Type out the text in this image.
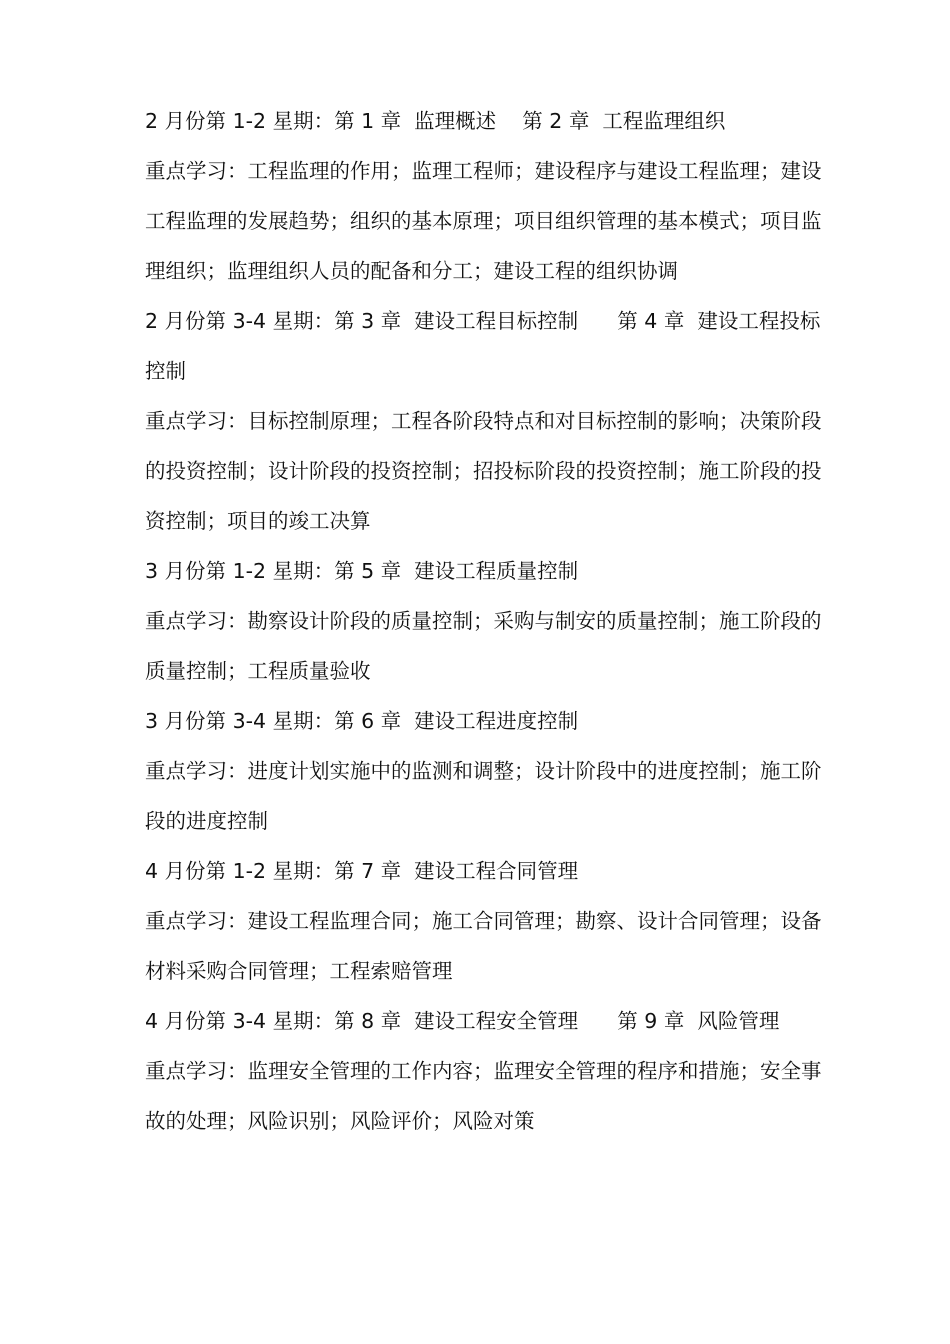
2 月份第 1-2 星期：第 1 章  监理概述    第 2 章  工程监理组织

重点学习：工程监理的作用；监理工程师；建设程序与建设工程监理；建设工程监理的发展趋势；组织的基本原理；项目组织管理的基本模式；项目监理组织；监理组织人员的配备和分工；建设工程的组织协调

2 月份第 3-4 星期：第 3 章  建设工程目标控制      第 4 章  建设工程投标控制

重点学习：目标控制原理；工程各阶段特点和对目标控制的影响；决策阶段的投资控制；设计阶段的投资控制；招投标阶段的投资控制；施工阶段的投资控制；项目的竣工决算

3 月份第 1-2 星期：第 5 章  建设工程质量控制

重点学习：勘察设计阶段的质量控制；采购与制安的质量控制；施工阶段的质量控制；工程质量验收

3 月份第 3-4 星期：第 6 章  建设工程进度控制

重点学习：进度计划实施中的监测和调整；设计阶段中的进度控制；施工阶段的进度控制

4 月份第 1-2 星期：第 7 章  建设工程合同管理

重点学习：建设工程监理合同；施工合同管理；勘察、设计合同管理；设备材料采购合同管理；工程索赔管理

4 月份第 3-4 星期：第 8 章  建设工程安全管理      第 9 章  风险管理

重点学习：监理安全管理的工作内容；监理安全管理的程序和措施；安全事故的处理；风险识别；风险评价；风险对策
